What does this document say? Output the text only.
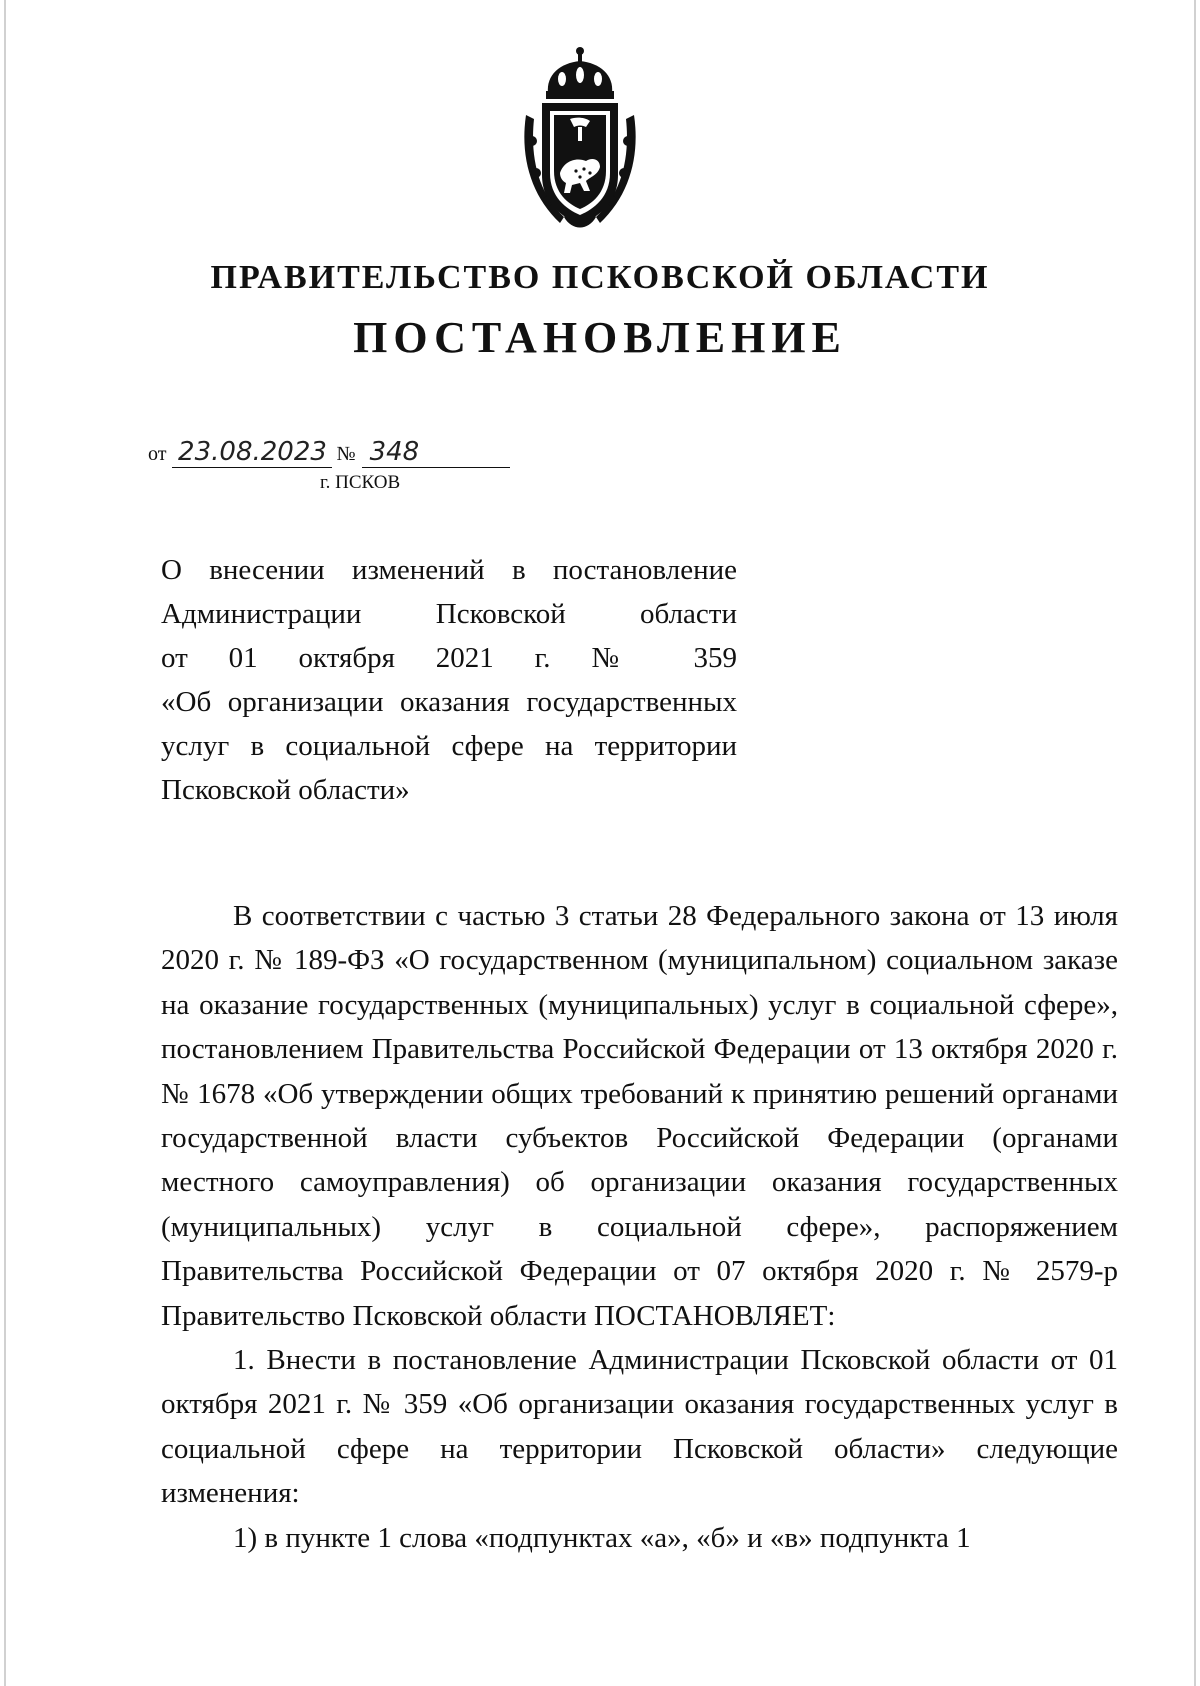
ПРАВИТЕЛЬСТВО ПСКОВСКОЙ ОБЛАСТИ
ПОСТАНОВЛЕНИЕ
от 23.08.2023 № 348
г. ПСКОВ
О внесении изменений в постановление
Администрации Псковской области
от 01 октября 2021 г. № 359
«Об организации оказания государственных
услуг в социальной сфере на территории
Псковской области»

В соответствии с частью 3 статьи 28 Федерального закона от 13 июля 2020 г. № 189-ФЗ «О государственном (муниципальном) социальном заказе на оказание государственных (муниципальных) услуг в социальной сфере», постановлением Правительства Российской Федерации от 13 октября 2020 г. № 1678 «Об утверждении общих требований к принятию решений органами государственной власти субъектов Российской Федерации (органами местного самоуправления) об организации оказания государственных (муниципальных) услуг в социальной сфере», распоряжением Правительства Российской Федерации от 07 октября 2020 г. № 2579-р Правительство Псковской области ПОСТАНОВЛЯЕТ:

1. Внести в постановление Администрации Псковской области от 01 октября 2021 г. № 359 «Об организации оказания государственных услуг в социальной сфере на территории Псковской области» следующие изменения:

1) в пункте 1 слова «подпунктах «а», «б» и «в» подпункта 1
